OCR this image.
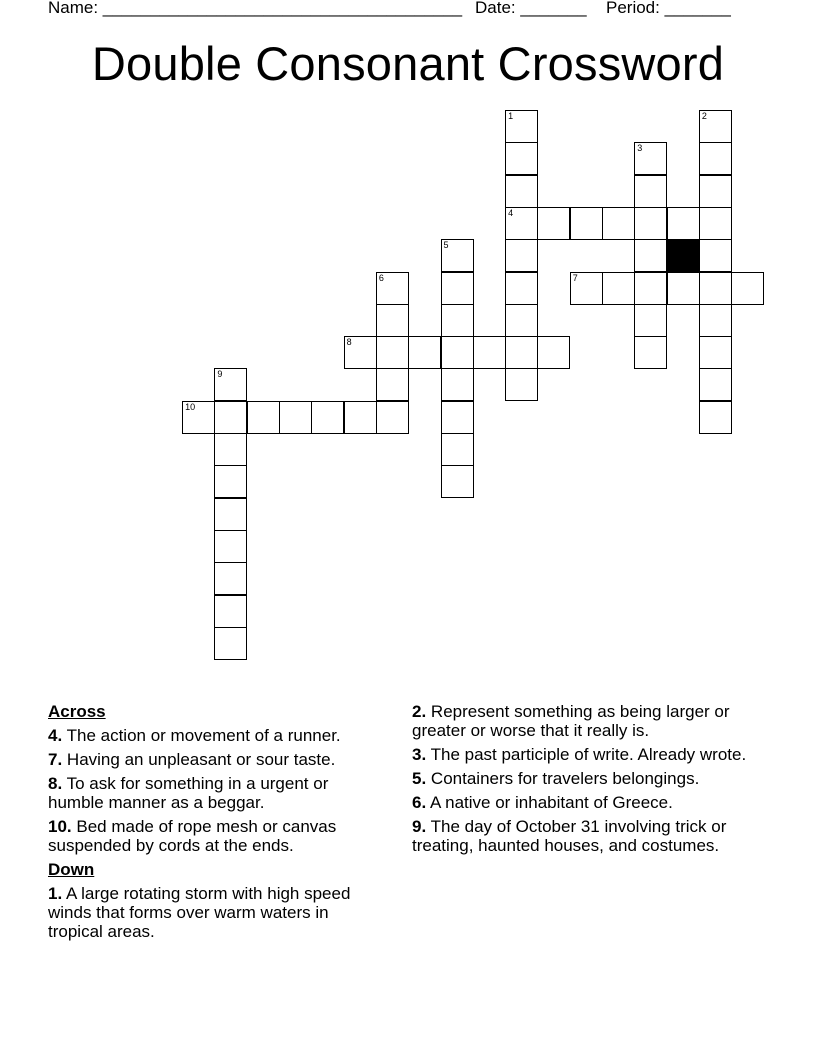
Name: ______________________________________ Date: _______ Period: _______
Double Consonant Crossword
1
4
2
3
7
5
6
8
9
10
Across
4. The action or movement of a runner.
7. Having an unpleasant or sour taste.
8. To ask for something in a urgent or humble manner as a beggar.
10. Bed made of rope mesh or canvas suspended by cords at the ends.
Down
1. A large rotating storm with high speed winds that forms over warm waters in tropical areas.
2. Represent something as being larger or greater or worse that it really is.
3. The past participle of write. Already wrote.
5. Containers for travelers belongings.
6. A native or inhabitant of Greece.
9. The day of October 31 involving trick or treating, haunted houses, and costumes.
